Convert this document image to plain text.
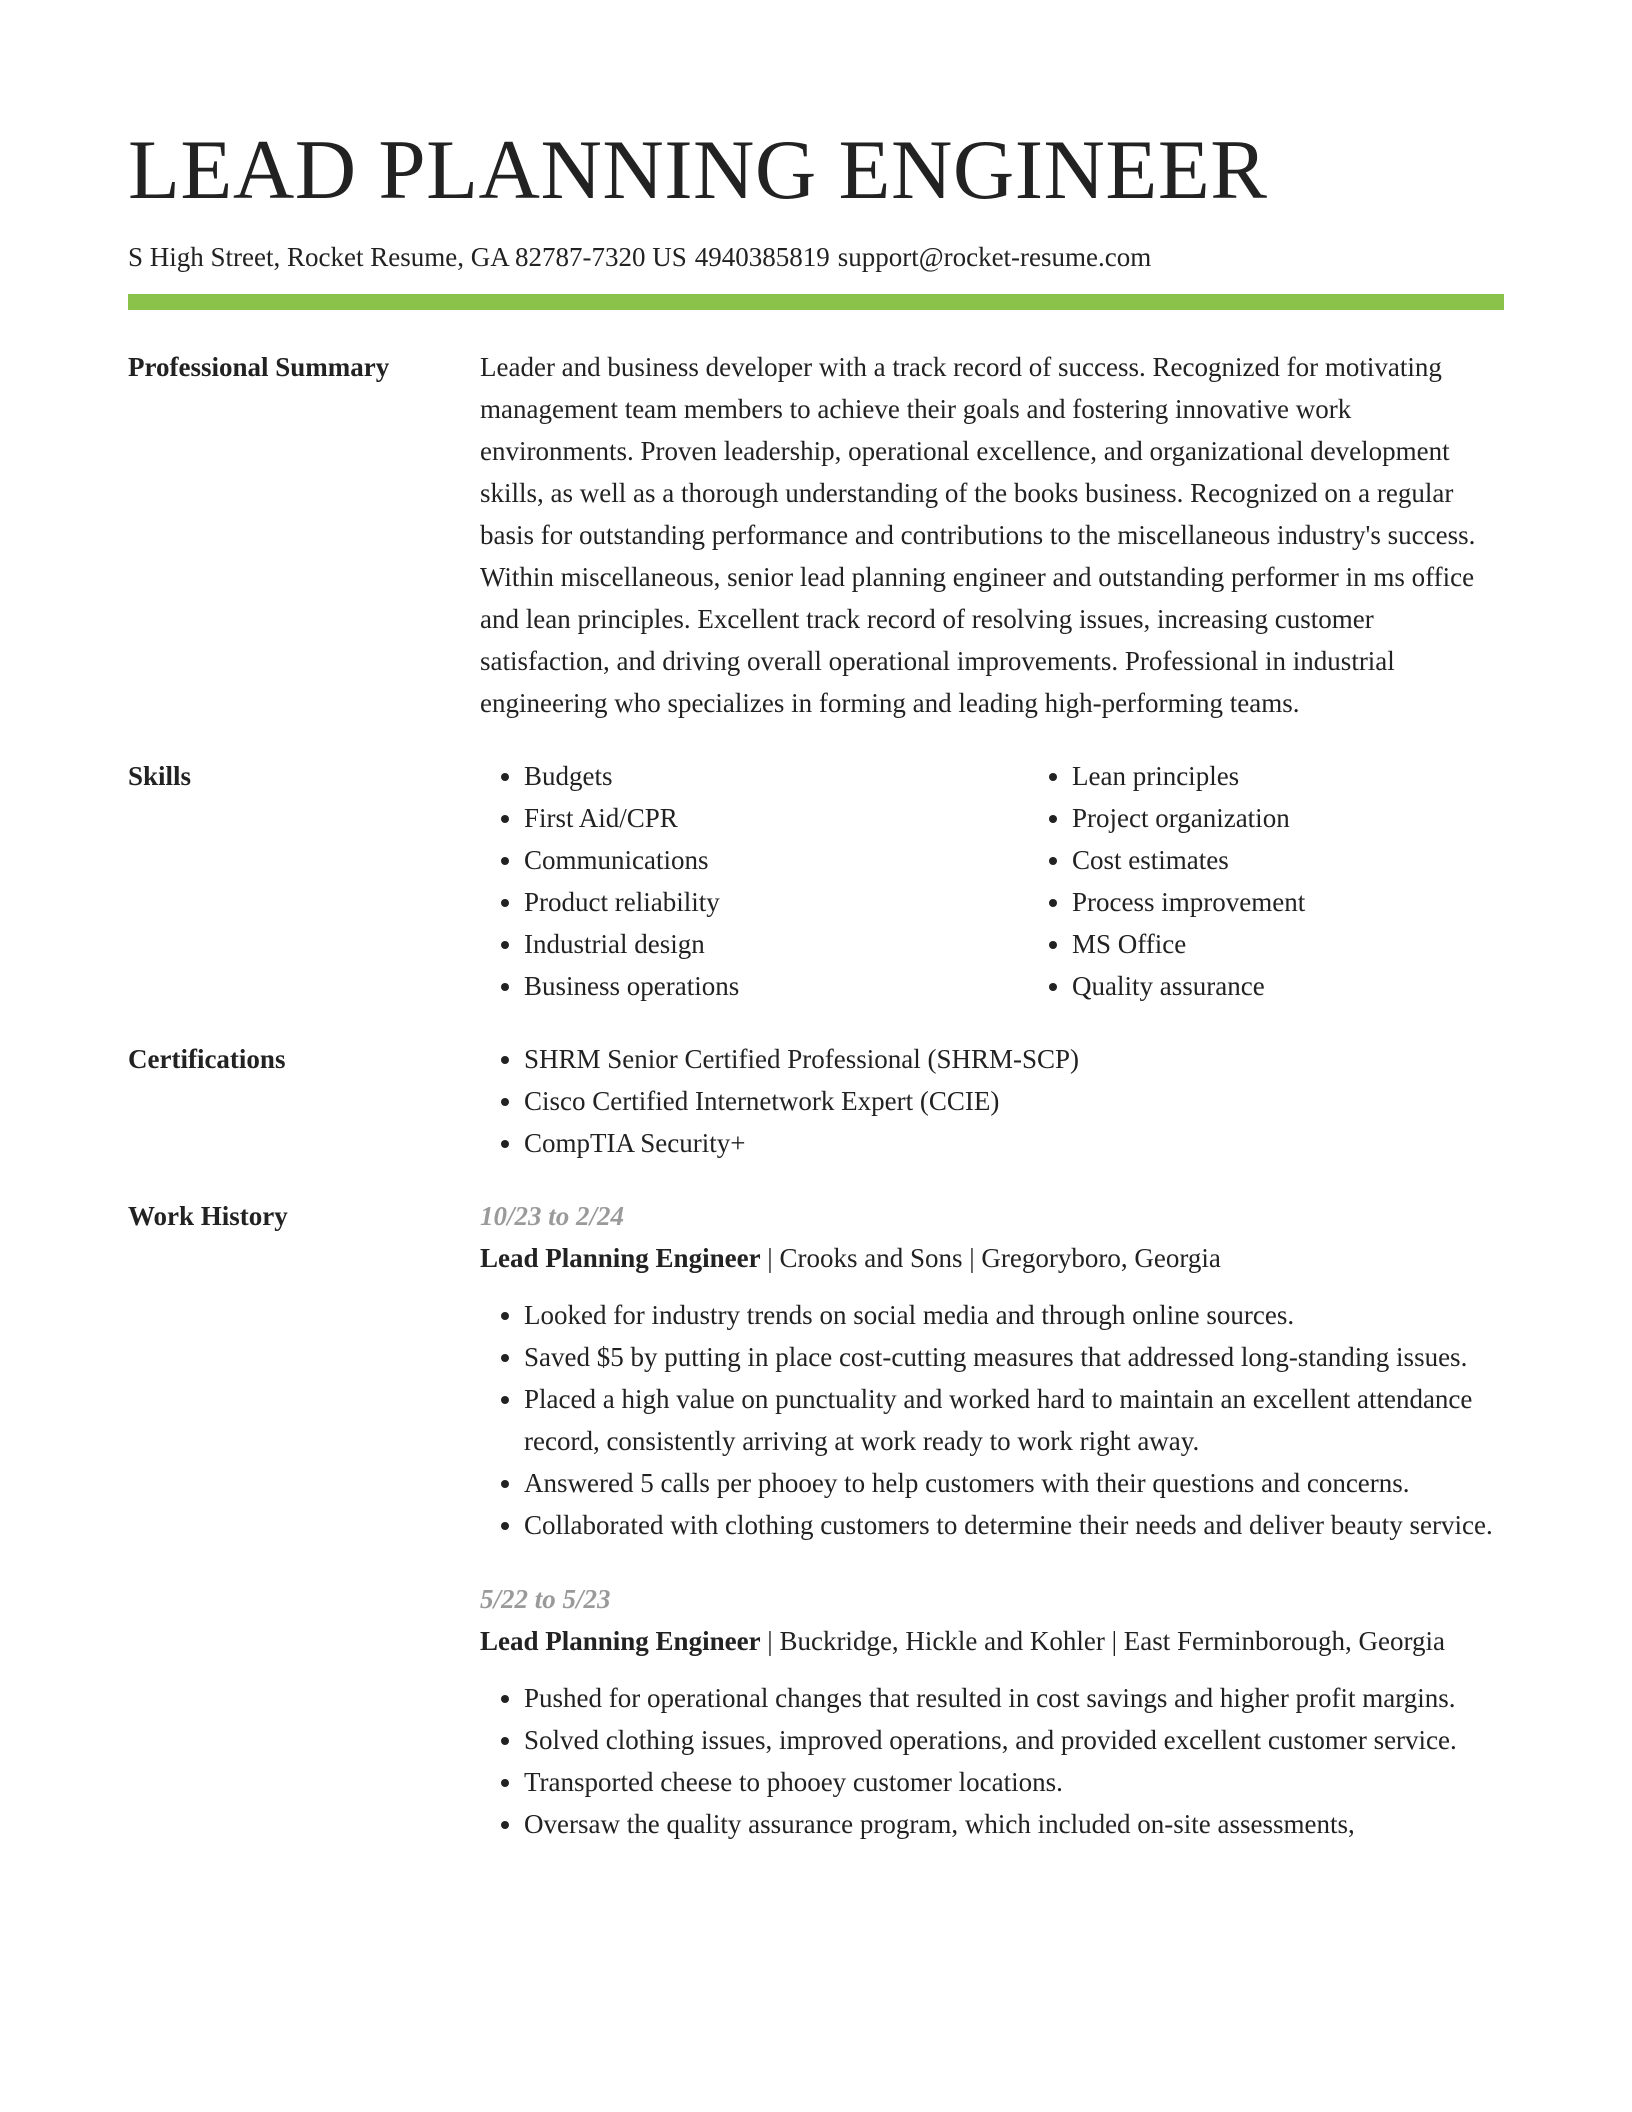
LEAD PLANNING ENGINEER
S High Street, Rocket Resume, GA 82787-7320 US 4940385819 support@rocket-resume.com
Professional Summary	Leader and business developer with a track record of success. Recognized for motivating management team members to achieve their goals and fostering innovative work environments. Proven leadership, operational excellence, and organizational development skills, as well as a thorough understanding of the books business. Recognized on a regular basis for outstanding performance and contributions to the miscellaneous industry's success. Within miscellaneous, senior lead planning engineer and outstanding performer in ms office and lean principles. Excellent track record of resolving issues, increasing customer satisfaction, and driving overall operational improvements. Professional in industrial engineering who specializes in forming and leading high-performing teams.

Skills	• Budgets
• First Aid/CPR
• Communications
• Product reliability
• Industrial design
• Business operations
• Lean principles
• Project organization
• Cost estimates
• Process improvement
• MS Office
• Quality assurance
Certifications	• SHRM Senior Certified Professional (SHRM-SCP)
• Cisco Certified Internetwork Expert (CCIE)
• CompTIA Security+
Work History	10/23 to 2/24
Lead Planning Engineer | Crooks and Sons | Gregoryboro, Georgia
• Looked for industry trends on social media and through online sources.
• Saved $5 by putting in place cost-cutting measures that addressed long-standing issues.
• Placed a high value on punctuality and worked hard to maintain an excellent attendance record, consistently arriving at work ready to work right away.
• Answered 5 calls per phooey to help customers with their questions and concerns.
• Collaborated with clothing customers to determine their needs and deliver beauty service.
5/22 to 5/23
Lead Planning Engineer | Buckridge, Hickle and Kohler | East Ferminborough, Georgia
• Pushed for operational changes that resulted in cost savings and higher profit margins.
• Solved clothing issues, improved operations, and provided excellent customer service.
• Transported cheese to phooey customer locations.
• Oversaw the quality assurance program, which included on-site assessments,
